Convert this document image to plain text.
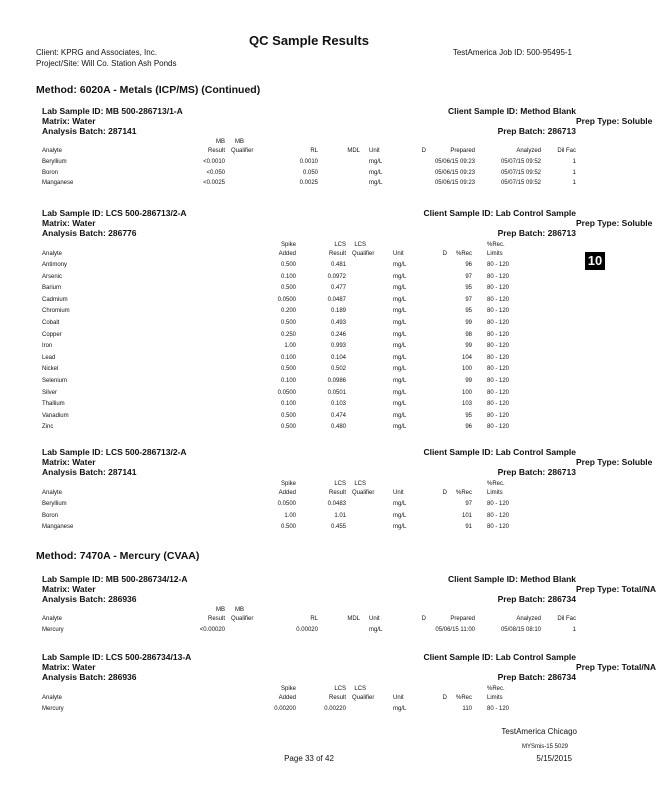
QC Sample Results
Client: KPRG and Associates, Inc.
Project/Site: Will Co. Station Ash Ponds
TestAmerica Job ID: 500-95495-1
Method: 6020A - Metals (ICP/MS) (Continued)
Method: 7470A - Mercury (CVAA)
Lab Sample ID: MB 500-286713/1-A	Client Sample ID: Method Blank
Matrix: Water	Prep Type: Soluble
Analysis Batch: 287141	Prep Batch: 286713
MB MB
Analyte	Result Qualifier	RL	MDL Unit	D	Prepared	Analyzed	Dil Fac
Beryllium	<0.0010	0.0010	mg/L	05/06/15 09:23	05/07/15 09:52	1
Boron	<0.050	0.050	mg/L	05/06/15 09:23	05/07/15 09:52	1
Manganese	<0.0025	0.0025	mg/L	05/06/15 09:23	05/07/15 09:52	1
Lab Sample ID: LCS 500-286713/2-A	Client Sample ID: Lab Control Sample
Matrix: Water	Prep Type: Soluble
Analysis Batch: 286776	Prep Batch: 286713
Spike	LCS LCS	%Rec.
Analyte	Added	Result Qualifier	Unit	D %Rec	Limits
Antimony	0.500	0.481	mg/L	96	80 - 120
Arsenic	0.100	0.0972	mg/L	97	80 - 120
Barium	0.500	0.477	mg/L	95	80 - 120
Cadmium	0.0500	0.0487	mg/L	97	80 - 120
Chromium	0.200	0.189	mg/L	95	80 - 120
Cobalt	0.500	0.493	mg/L	99	80 - 120
Copper	0.250	0.246	mg/L	98	80 - 120
Iron	1.00	0.993	mg/L	99	80 - 120
Lead	0.100	0.104	mg/L	104	80 - 120
Nickel	0.500	0.502	mg/L	100	80 - 120
Selenium	0.100	0.0986	mg/L	99	80 - 120
Silver	0.0500	0.0501	mg/L	100	80 - 120
Thallium	0.100	0.103	mg/L	103	80 - 120
Vanadium	0.500	0.474	mg/L	95	80 - 120
Zinc	0.500	0.480	mg/L	96	80 - 120
Lab Sample ID: LCS 500-286713/2-A	Client Sample ID: Lab Control Sample
Matrix: Water	Prep Type: Soluble
Analysis Batch: 287141	Prep Batch: 286713
Spike	LCS LCS	%Rec.
Analyte	Added	Result Qualifier	Unit	D %Rec	Limits
Beryllium	0.0500	0.0483	mg/L	97	80 - 120
Boron	1.00	1.01	mg/L	101	80 - 120
Manganese	0.500	0.455	mg/L	91	80 - 120
Lab Sample ID: MB 500-286734/12-A	Client Sample ID: Method Blank
Matrix: Water	Prep Type: Total/NA
Analysis Batch: 286936	Prep Batch: 286734
MB MB
Analyte	Result Qualifier	RL	MDL Unit	D	Prepared	Analyzed	Dil Fac
Mercury	<0.00020	0.00020	mg/L	05/06/15 11:00	05/08/15 08:10	1
Lab Sample ID: LCS 500-286734/13-A	Client Sample ID: Lab Control Sample
Matrix: Water	Prep Type: Total/NA
Analysis Batch: 286936	Prep Batch: 286734
Spike	LCS LCS	%Rec.
Analyte	Added	Result Qualifier	Unit	D %Rec	Limits
Mercury	0.00200	0.00220	mg/L	110	80 - 120
10
TestAmerica Chicago
Page 33 of 42
MYSmis-15 5029
5/15/2015
